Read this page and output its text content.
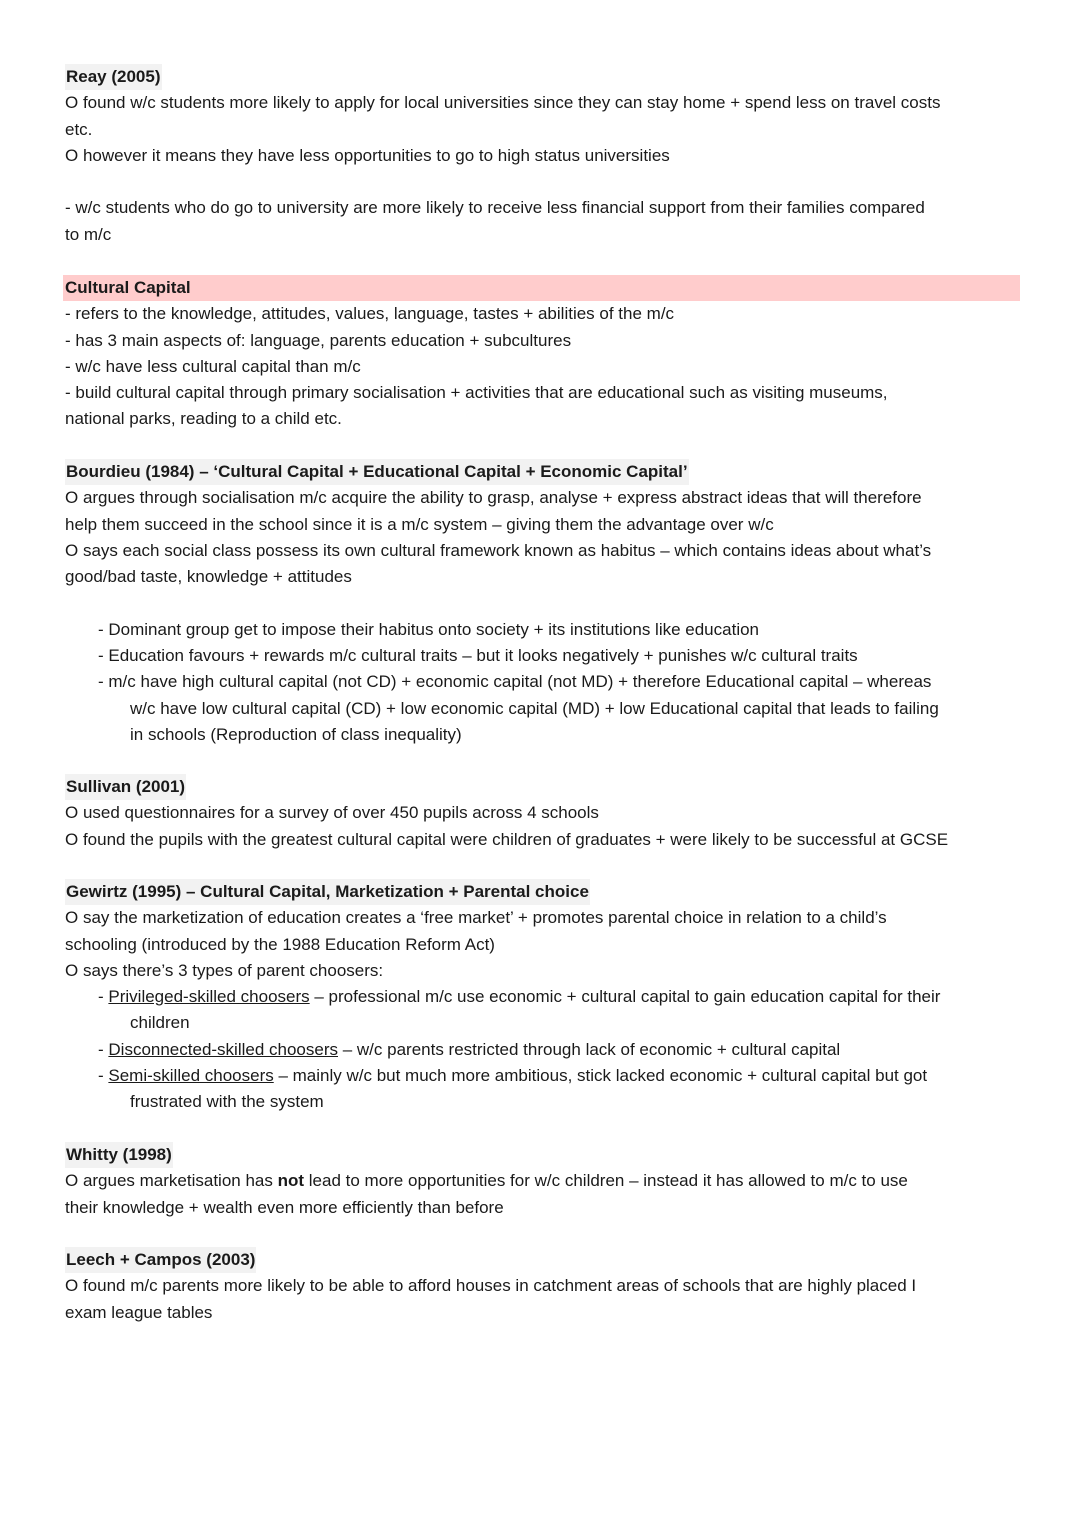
Reay (2005)
O found w/c students more likely to apply for local universities since they can stay home + spend less on travel costs
etc.
O however it means they have less opportunities to go to high status universities

- w/c students who do go to university are more likely to receive less financial support from their families compared
to m/c
Cultural Capital
- refers to the knowledge, attitudes, values, language, tastes + abilities of the m/c
- has 3 main aspects of: language, parents education + subcultures
- w/c have less cultural capital than m/c
- build cultural capital through primary socialisation + activities that are educational such as visiting museums,
national parks, reading to a child etc.
Bourdieu (1984) – ‘Cultural Capital + Educational Capital + Economic Capital’
O argues through socialisation m/c acquire the ability to grasp, analyse + express abstract ideas that will therefore
help them succeed in the school since it is a m/c system – giving them the advantage over w/c
O says each social class possess its own cultural framework known as habitus – which contains ideas about what’s
good/bad taste, knowledge + attitudes

- Dominant group get to impose their habitus onto society + its institutions like education
- Education favours + rewards m/c cultural traits – but it looks negatively + punishes w/c cultural traits
- m/c have high cultural capital (not CD) + economic capital (not MD) + therefore Educational capital – whereas
w/c have low cultural capital (CD) + low economic capital (MD) + low Educational capital that leads to failing
in schools (Reproduction of class inequality)
Sullivan (2001)
O used questionnaires for a survey of over 450 pupils across 4 schools
O found the pupils with the greatest cultural capital were children of graduates + were likely to be successful at GCSE
Gewirtz (1995) – Cultural Capital, Marketization + Parental choice
O say the marketization of education creates a ‘free market’ + promotes parental choice in relation to a child’s
schooling (introduced by the 1988 Education Reform Act)
O says there’s 3 types of parent choosers:
- Privileged-skilled choosers – professional m/c use economic + cultural capital to gain education capital for their
children
- Disconnected-skilled choosers – w/c parents restricted through lack of economic + cultural capital
- Semi-skilled choosers – mainly w/c but much more ambitious, stick lacked economic + cultural capital but got
frustrated with the system
Whitty (1998)
O argues marketisation has not lead to more opportunities for w/c children – instead it has allowed to m/c to use
their knowledge + wealth even more efficiently than before
Leech + Campos (2003)
O found m/c parents more likely to be able to afford houses in catchment areas of schools that are highly placed I
exam league tables
